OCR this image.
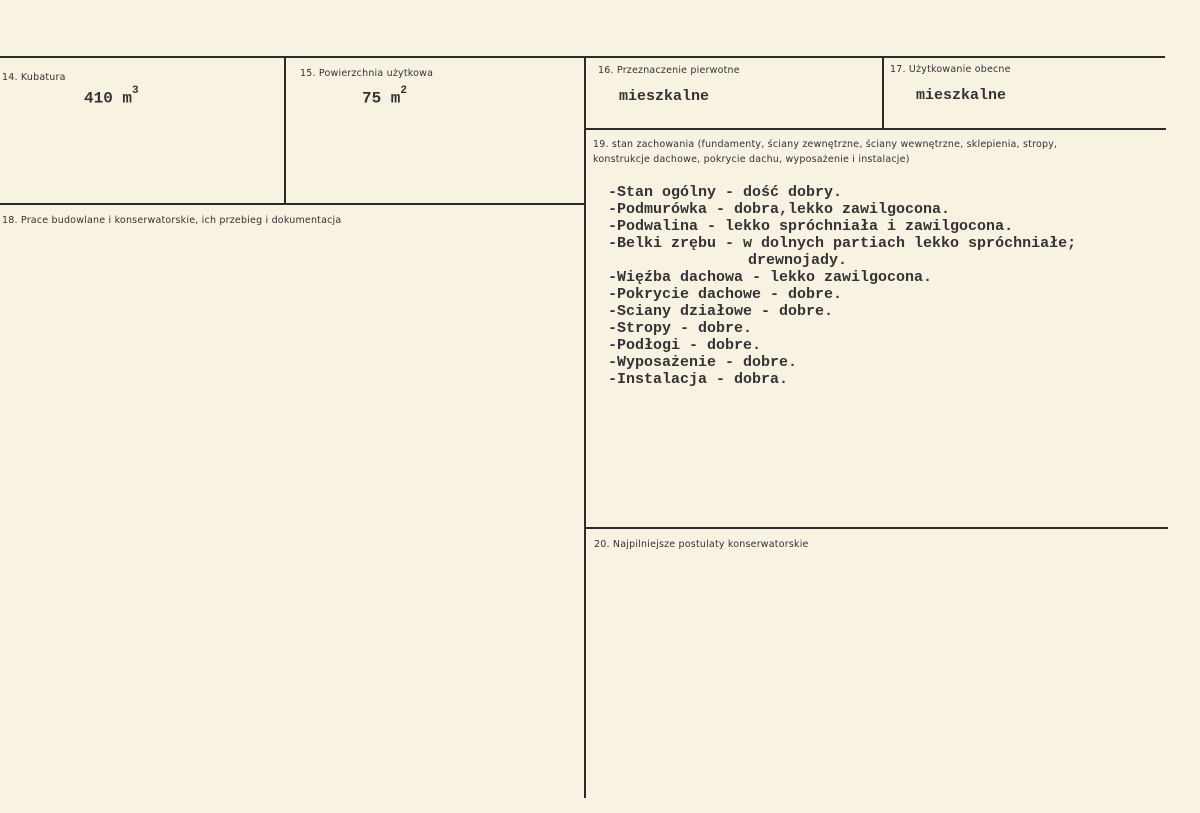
14. Kubatura
410 $m^3$
15. Powierzchnia użytkowa
75 $m^2$
16. Przeznaczenie pierwotne
mieszkalne
17. Użytkowanie obecne
mieszkalne
18. Prace budowlane i konserwatorskie, ich przebieg i dokumentacja
19. stan zachowania (fundamenty, ściany zewnętrzne, ściany wewnętrzne, sklepienia, stropy, konstrukcje dachowe, pokrycie dachu, wyposażenie i instalacje)
-Stan ogólny - dość dobry.
-Podmurówka - dobra,lekko zawilgocona.
-Podwalina - lekko spróchniała i zawilgocona.
-Belki zrębu - w dolnych partiach lekko spróchniałe;
drewnojady.
-Więźba dachowa - lekko zawilgocona.
-Pokrycie dachowe - dobre.
-Sciany działowe - dobre.
-Stropy - dobre.
-Podłogi - dobre.
-Wyposażenie - dobre.
-Instalacja - dobra.
20. Najpilniejsze postulaty konserwatorskie
